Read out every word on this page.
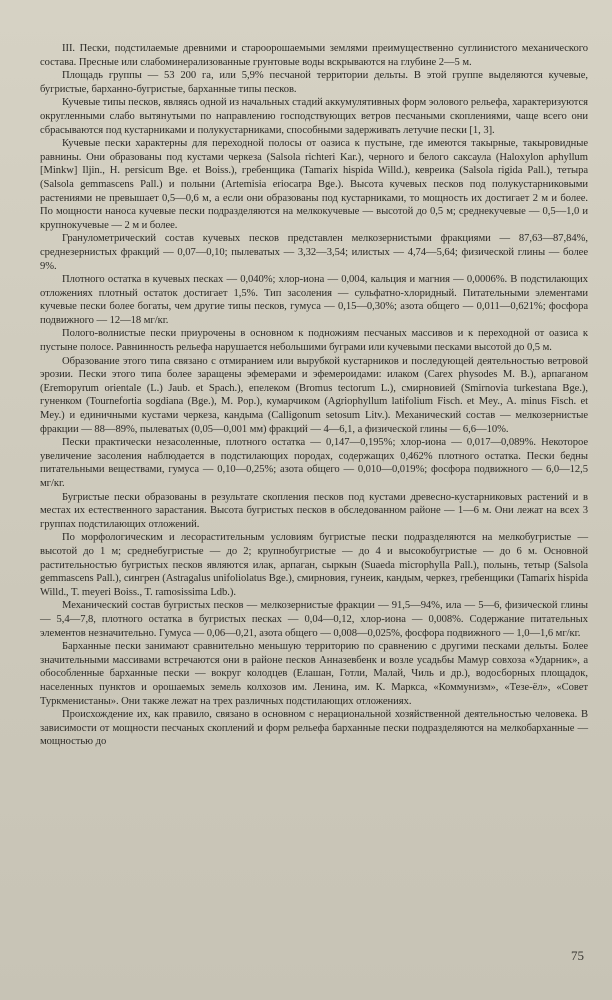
III. Пески, подстилаемые древними и староорошаемыми землями преимущественно суглинистого механического состава. Пресные или слабоминерализованные грунтовые воды вскрываются на глубине 2—5 м.

Площадь группы — 53 200 га, или 5,9% песчаной территории дельты. В этой группе выделяются кучевые, бугристые, барханно-бугристые, барханные типы песков.

Кучевые типы песков, являясь одной из начальных стадий аккумулятивных форм эолового рельефа, характеризуются округленными слабо вытянутыми по направлению господствующих ветров песчаными скоплениями, чаще всего они сбрасываются под кустарниками и полукустарниками, способными задерживать летучие пески [1, 3].

Кучевые пески характерны для переходной полосы от оазиса к пустыне, где имеются такырные, такыровидные равнины. Они образованы под кустами черкеза (Salsola richteri Kar.), черного и белого саксаула (Haloxylon aphyllum [Minkw] Iljin., H. persicum Bge. et Boiss.), гребенщика (Tamarix hispida Willd.), кевреика (Salsola rigida Pall.), тетыра (Salsola gemmascens Pall.) и полыни (Artemisia eriocarpa Bge.). Высота кучевых песков под полукустарниковыми растениями не превышает 0,5—0,6 м, а если они образованы под кустарниками, то мощность их достигает 2 м и более. По мощности наноса кучевые пески подразделяются на мелкокучевые — высотой до 0,5 м; среднекучевые — 0,5—1,0 и крупнокучевые — 2 м и более.

Гранулометрический состав кучевых песков представлен мелкозернистыми фракциями — 87,63—87,84%, среднезернистых фракций — 0,07—0,10; пылеватых — 3,32—3,54; илистых — 4,74—5,64; физической глины — более 9%.

Плотного остатка в кучевых песках — 0,040%; хлор-иона — 0,004, кальция и магния — 0,0006%. В подстилающих отложениях плотный остаток достигает 1,5%. Тип засоления — сульфатно-хлоридный. Питательными элементами кучевые пески более богаты, чем другие типы песков, гумуса — 0,15—0,30%; азота общего — 0,011—0,621%; фосфора подвижного — 12—18 мг/кг.

Полого-волнистые пески приурочены в основном к подножиям песчаных массивов и к переходной от оазиса к пустыне полосе. Равнинность рельефа нарушается небольшими буграми или кучевыми песками высотой до 0,5 м.

Образование этого типа связано с отмиранием или вырубкой кустарников и последующей деятельностью ветровой эрозии. Пески этого типа более заращены эфемерами и эфемероидами: илаком (Carex physodes M. B.), арпаганом (Eremopyrum orientale (L.) Jaub. et Spach.), епелеком (Bromus tectorum L.), смирновией (Smirnovia turkestana Bge.), гуненком (Tournefortia sogdiana (Bge.), M. Pop.), кумарчиком (Agriophyllum latifolium Fisch. et Mey., A. minus Fisch. et Mey.) и единичными кустами черкеза, кандыма (Calligonum setosum Litv.). Механический состав — мелкозернистые фракции — 88—89%, пылеватых (0,05—0,001 мм) фракций — 4—6,1, а физической глины — 6,6—10%.

Пески практически незасоленные, плотного остатка — 0,147—0,195%; хлор-иона — 0,017—0,089%. Некоторое увеличение засоления наблюдается в подстилающих породах, содержащих 0,462% плотного остатка. Пески бедны питательными веществами, гумуса — 0,10—0,25%; азота общего — 0,010—0,019%; фосфора подвижного — 6,0—12,5 мг/кг.

Бугристые пески образованы в результате скопления песков под кустами древесно-кустарниковых растений и в местах их естественного зарастания. Высота бугристых песков в обследованном районе — 1—6 м. Они лежат на всех 3 группах подстилающих отложений.

По морфологическим и лесорастительным условиям бугристые пески подразделяются на мелкобугристые — высотой до 1 м; среднебугристые — до 2; крупнобугристые — до 4 и высокобугристые — до 6 м. Основной растительностью бугристых песков являются илак, арпаган, сыркын (Suaeda microphylla Pall.), полынь, тетыр (Salsola gemmascens Pall.), сингрен (Astragalus unifoliolatus Bge.), смирновия, гунеик, кандым, черкез, гребенщики (Tamarix hispida Willd., T. meyeri Boiss., T. ramosissima Ldb.).

Механический состав бугристых песков — мелкозернистые фракции — 91,5—94%, ила — 5—6, физической глины — 5,4—7,8, плотного остатка в бугристых песках — 0,04—0,12, хлор-иона — 0,008%. Содержание питательных элементов незначительно. Гумуса — 0,06—0,21, азота общего — 0,008—0,025%, фосфора подвижного — 1,0—1,6 мг/кг.

Барханные пески занимают сравнительно меньшую территорию по сравнению с другими песками дельты. Более значительными массивами встречаются они в районе песков Анназевбенк и возле усадьбы Мамур совхоза «Ударник», а обособленные барханные пески — вокруг колодцев (Елашан, Готли, Малай, Чиль и др.), водосборных площадок, населенных пунктов и орошаемых земель колхозов им. Ленина, им. К. Маркса, «Коммунизм», «Тезе-ёл», «Совет Туркменистаны». Они также лежат на трех различных подстилающих отложениях.

Происхождение их, как правило, связано в основном с нерациональной хозяйственной деятельностью человека. В зависимости от мощности песчаных скоплений и форм рельефа барханные пески подразделяются на мелкобарханные — мощностью до

75
